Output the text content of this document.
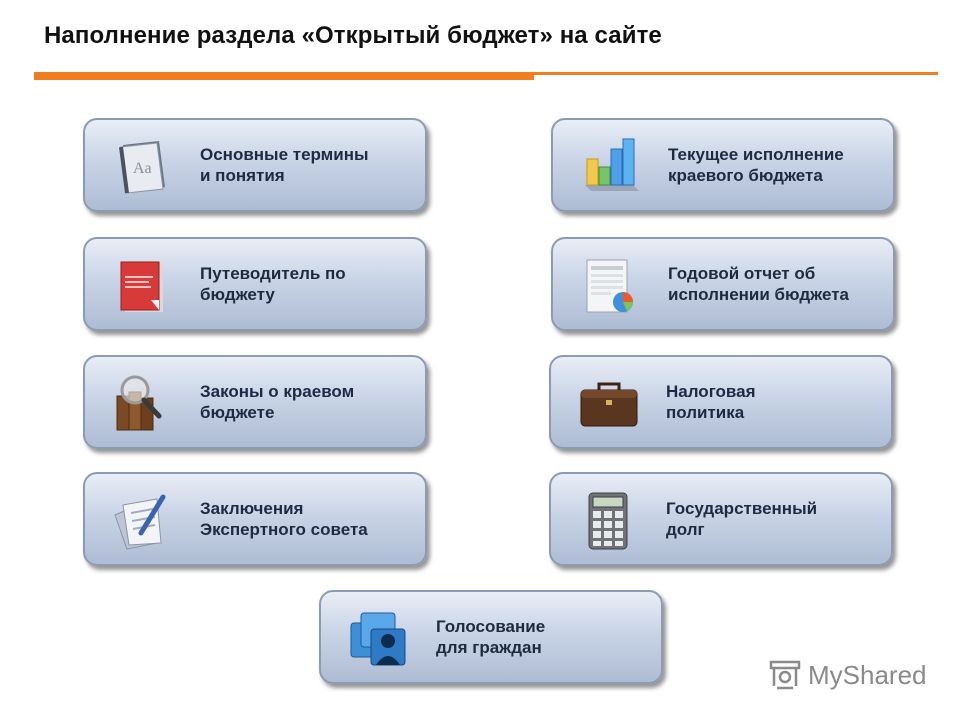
Наполнение раздела «Открытый бюджет» на сайте
Aa
Основные термины
и понятия
Текущее исполнение
краевого бюджета
Путеводитель по
бюджету
Годовой отчет об
исполнении бюджета
Законы о краевом
бюджете
Налоговая
политика
Заключения
Экспертного совета
Государственный
долг
Голосование
для граждан
MyShared
